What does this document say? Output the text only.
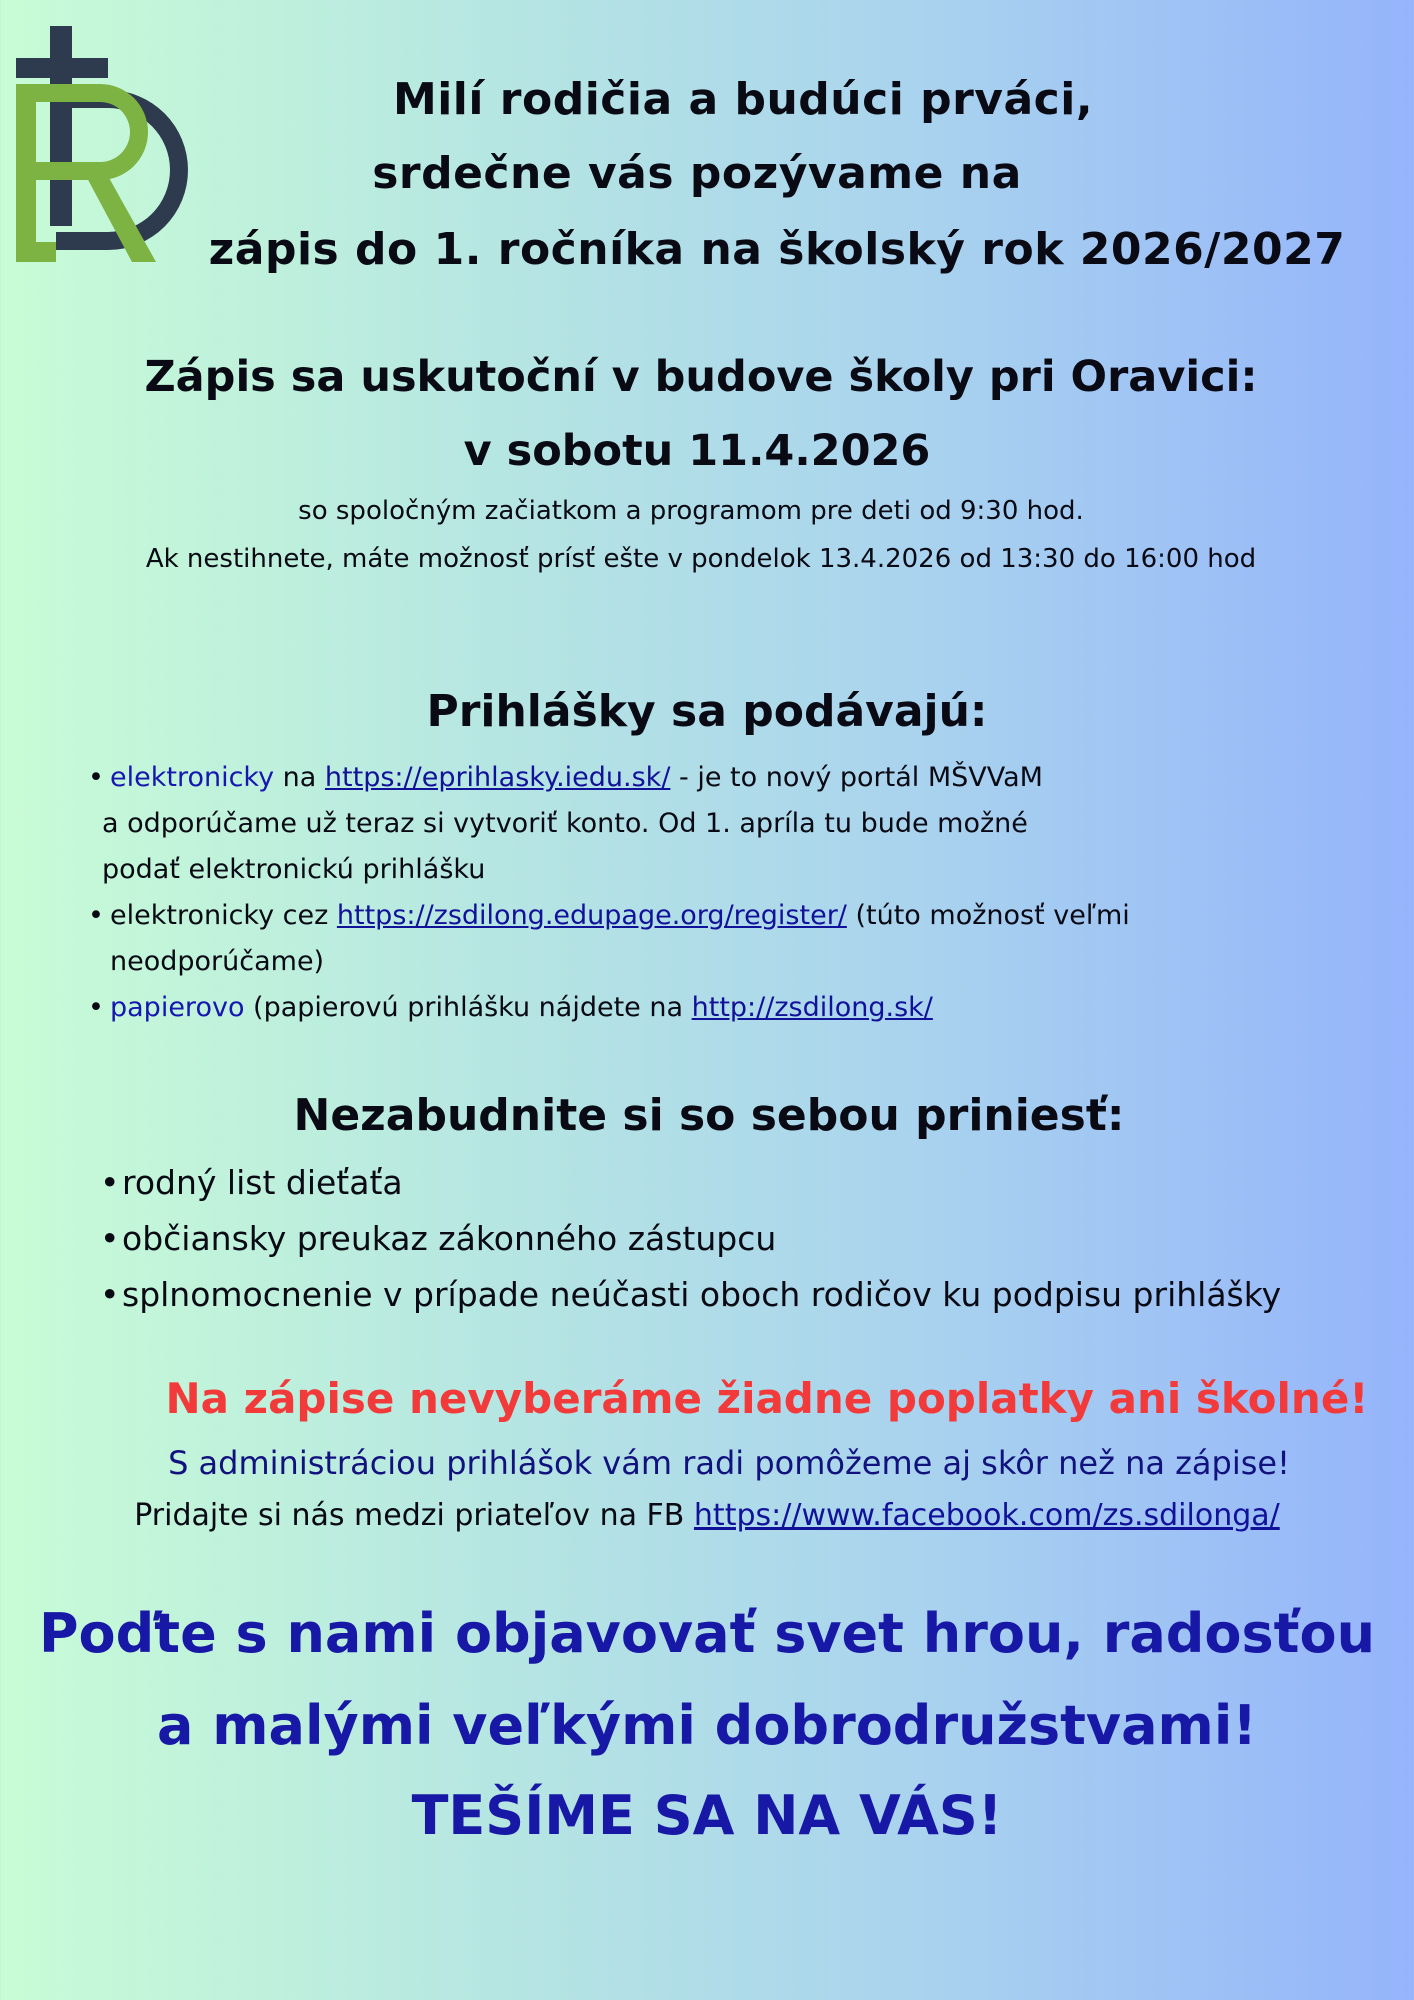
Milí rodičia a budúci prváci,
srdečne vás pozývame na
zápis do 1. ročníka na školský rok 2026/2027
Zápis sa uskutoční v budove školy pri Oravici:
v sobotu 11.4.2026
so spoločným začiatkom a programom pre deti od 9:30 hod.
Ak nestihnete, máte možnosť prísť ešte v pondelok 13.4.2026 od 13:30 do 16:00 hod
Prihlášky sa podávajú:
• elektronicky na https://eprihlasky.iedu.sk/ - je to nový portál MŠVVaM
a odporúčame už teraz si vytvoriť konto. Od 1. apríla tu bude možné
podať elektronickú prihlášku
• elektronicky cez https://zsdilong.edupage.org/register/ (túto možnosť veľmi
neodporúčame)
• papierovo (papierovú prihlášku nájdete na http://zsdilong.sk/
Nezabudnite si so sebou priniesť:
• rodný list dieťaťa
• občiansky preukaz zákonného zástupcu
• splnomocnenie v prípade neúčasti oboch rodičov ku podpisu prihlášky
Na zápise nevyberáme žiadne poplatky ani školné!
S administráciou prihlášok vám radi pomôžeme aj skôr než na zápise!
Pridajte si nás medzi priateľov na FB https://www.facebook.com/zs.sdilonga/
Poďte s nami objavovať svet hrou, radosťou
a malými veľkými dobrodružstvami!
TEŠÍME SA NA VÁS!
